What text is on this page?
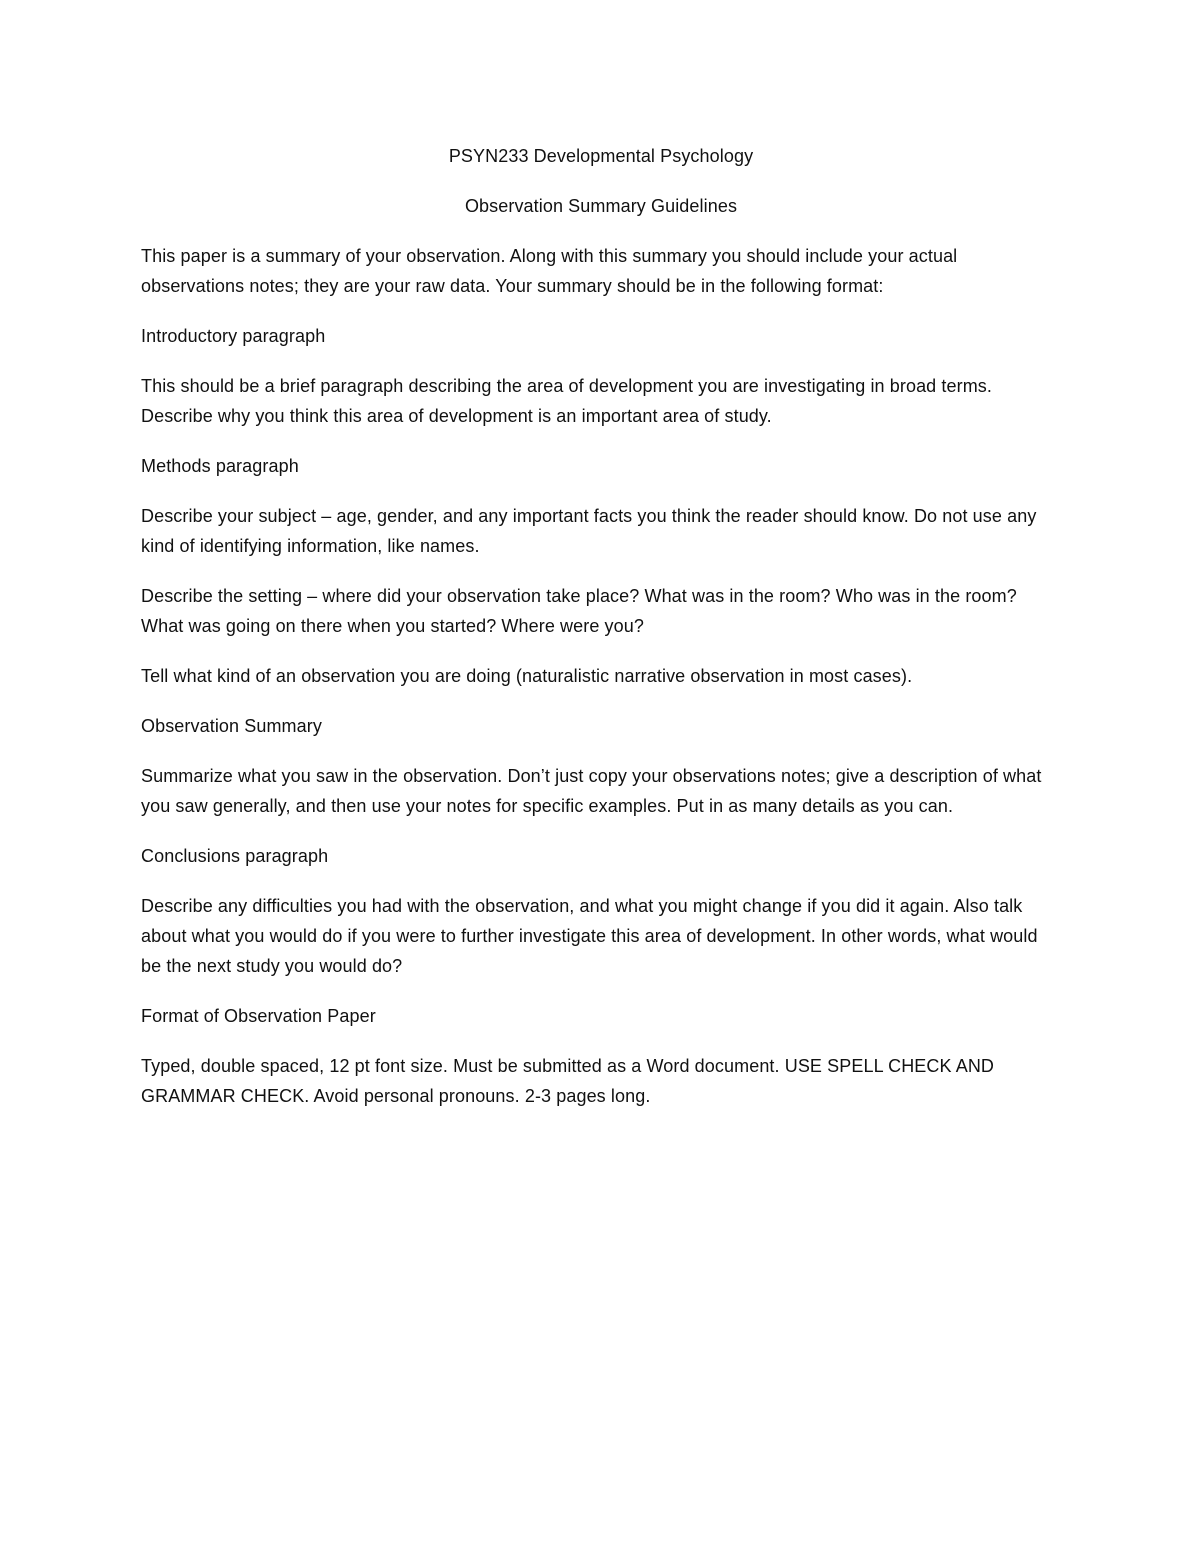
PSYN233 Developmental Psychology

Observation Summary Guidelines

This paper is a summary of your observation. Along with this summary you should include your actual observations notes; they are your raw data. Your summary should be in the following format:

Introductory paragraph

This should be a brief paragraph describing the area of development you are investigating in broad terms. Describe why you think this area of development is an important area of study.

Methods paragraph

Describe your subject – age, gender, and any important facts you think the reader should know. Do not use any kind of identifying information, like names.

Describe the setting – where did your observation take place? What was in the room? Who was in the room? What was going on there when you started? Where were you?

Tell what kind of an observation you are doing (naturalistic narrative observation in most cases).

Observation Summary

Summarize what you saw in the observation. Don’t just copy your observations notes; give a description of what you saw generally, and then use your notes for specific examples. Put in as many details as you can.

Conclusions paragraph

Describe any difficulties you had with the observation, and what you might change if you did it again. Also talk about what you would do if you were to further investigate this area of development. In other words, what would be the next study you would do?

Format of Observation Paper

Typed, double spaced, 12 pt font size. Must be submitted as a Word document. USE SPELL CHECK AND GRAMMAR CHECK. Avoid personal pronouns. 2-3 pages long.
